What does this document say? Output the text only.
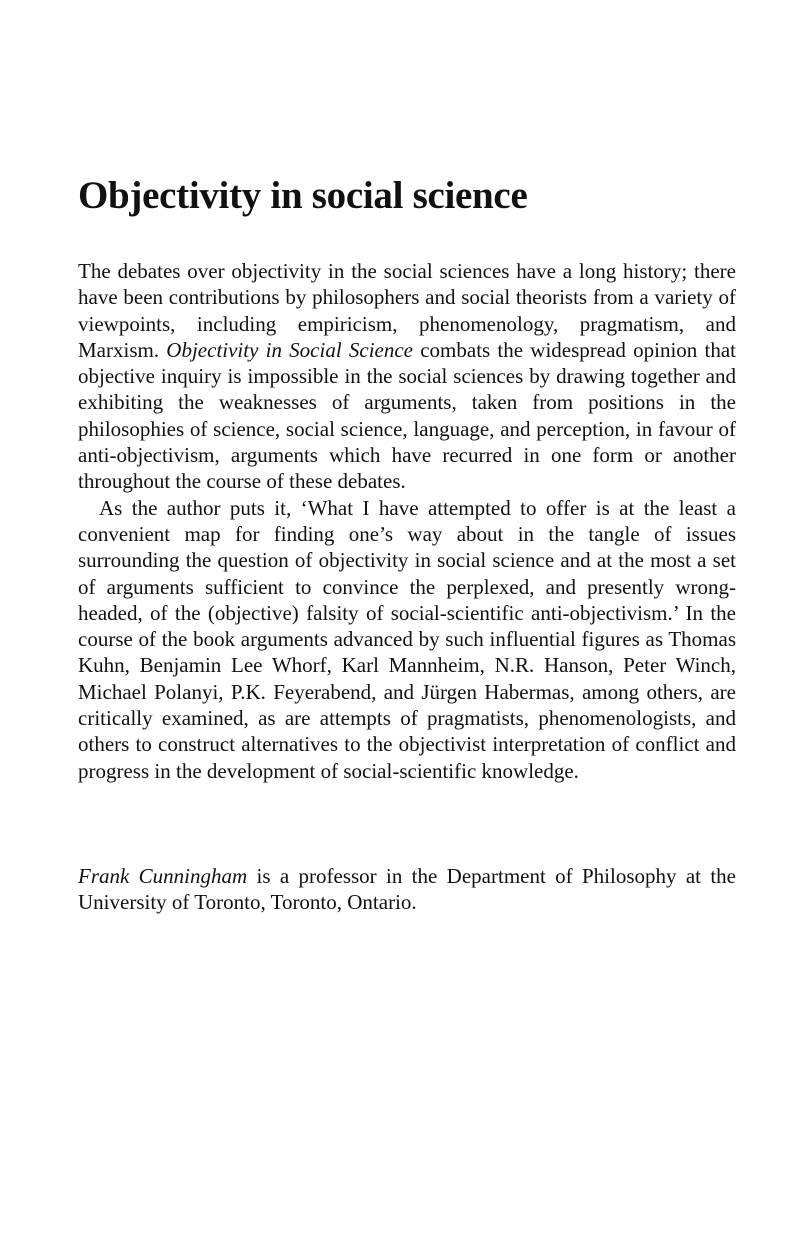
Objectivity in social science

The debates over objectivity in the social sciences have a long history; there have been contributions by philosophers and social theorists from a variety of viewpoints, including empiricism, phenomenology, pragmatism, and Marxism. Objectivity in Social Science combats the widespread opinion that objective inquiry is impossible in the social sciences by drawing together and exhibiting the weaknesses of arguments, taken from positions in the philosophies of science, social science, language, and perception, in favour of anti-objectivism, arguments which have recurred in one form or another throughout the course of these debates.

As the author puts it, ‘What I have attempted to offer is at the least a convenient map for finding one’s way about in the tangle of issues surrounding the question of objectivity in social science and at the most a set of arguments sufficient to convince the perplexed, and presently wrong-headed, of the (objective) falsity of social-scientific anti-objectivism.’ In the course of the book arguments advanced by such influential figures as Thomas Kuhn, Benjamin Lee Whorf, Karl Mannheim, N.R. Hanson, Peter Winch, Michael Polanyi, P.K. Feyerabend, and Jürgen Habermas, among others, are critically examined, as are attempts of pragmatists, phenomenologists, and others to construct alternatives to the objectivist interpretation of conflict and progress in the development of social-scientific knowledge.

Frank Cunningham is a professor in the Department of Philosophy at the University of Toronto, Toronto, Ontario.
